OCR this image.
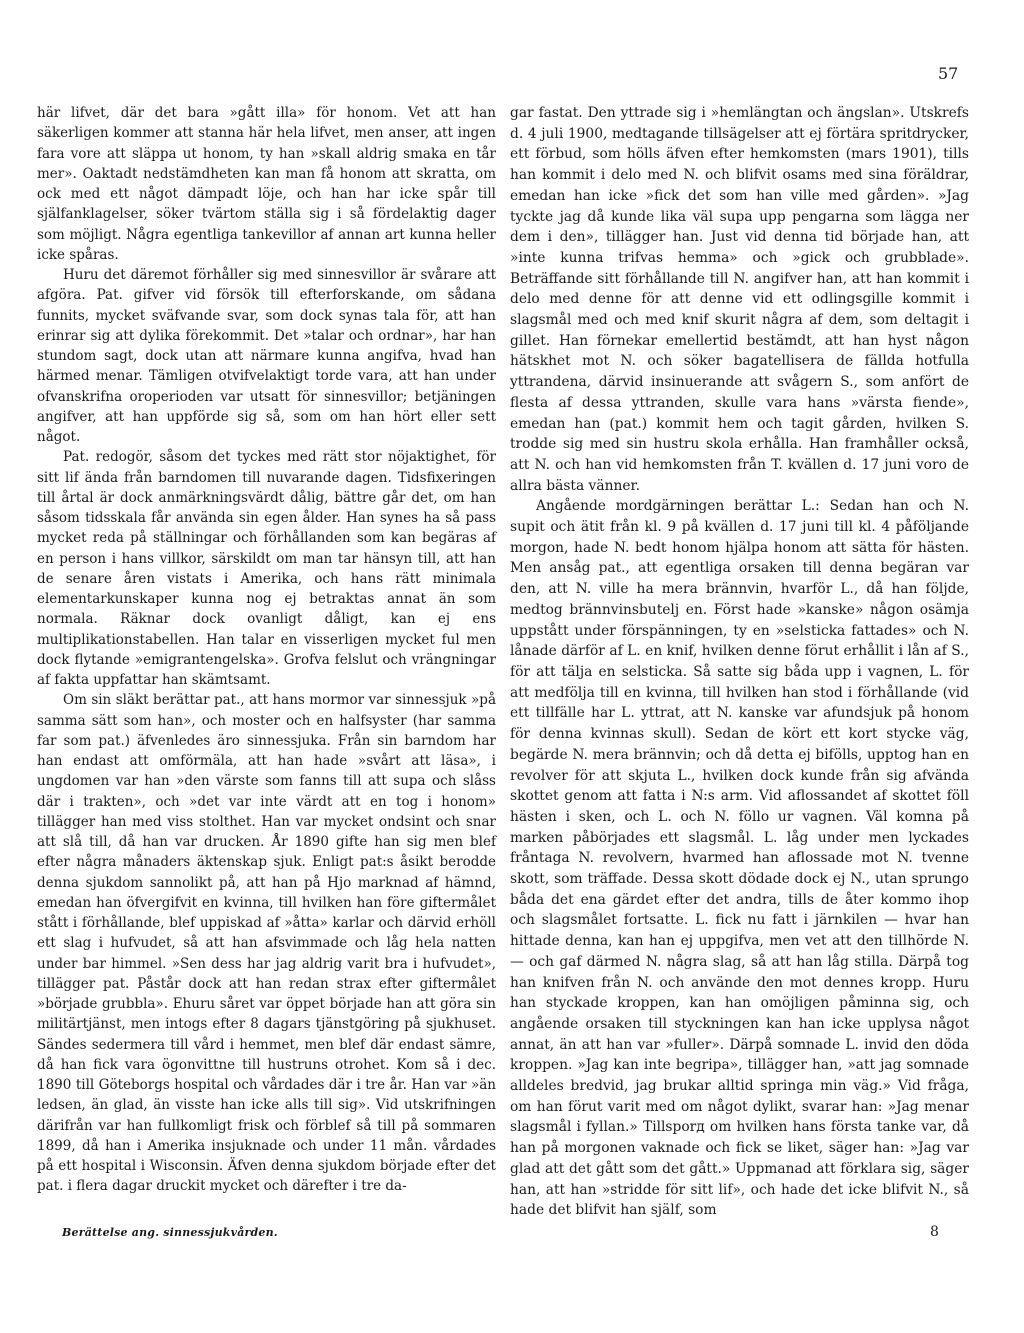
57

här lifvet, där det bara »gått illa» för honom. Vet att han säkerligen kommer att stanna här hela lifvet, men anser, att ingen fara vore att släppa ut honom, ty han »skall aldrig smaka en tår mer». Oaktadt nedstämdheten kan man få honom att skratta, om ock med ett något dämpadt löje, och han har icke spår till själfanklagelser, söker tvärtom ställa sig i så fördelaktig dager som möjligt. Några egentliga tankevillor af annan art kunna heller icke spåras.

Huru det däremot förhåller sig med sinnesvillor är svårare att afgöra. Pat. gifver vid försök till efterforskande, om sådana funnits, mycket sväfvande svar, som dock synas tala för, att han erinrar sig att dylika förekommit. Det »talar och ordnar», har han stundom sagt, dock utan att närmare kunna angifva, hvad han härmed menar. Tämligen otvifvelaktigt torde vara, att han under ofvanskrifna oroperioden var utsatt för sinnesvillor; betjäningen angifver, att han uppförde sig så, som om han hört eller sett något.

Pat. redogör, såsom det tyckes med rätt stor nöjaktighet, för sitt lif ända från barndomen till nuvarande dagen. Tidsfixeringen till årtal är dock anmärkningsvärdt dålig, bättre går det, om han såsom tidsskala får använda sin egen ålder. Han synes ha så pass mycket reda på ställningar och förhållanden som kan begäras af en person i hans villkor, särskildt om man tar hänsyn till, att han de senare åren vistats i Amerika, och hans rätt minimala elementarkunskaper kunna nog ej betraktas annat än som normala. Räknar dock ovanligt dåligt, kan ej ens multiplikationstabellen. Han talar en visserligen mycket ful men dock flytande »emigrantengelska». Grofva felslut och vrängningar af fakta uppfattar han skämtsamt.

Om sin släkt berättar pat., att hans mormor var sinnessjuk »på samma sätt som han», och moster och en halfsyster (har samma far som pat.) äfvenledes äro sinnessjuka. Från sin barndom har han endast att omförmäla, att han hade »svårt att läsa», i ungdomen var han »den värste som fanns till att supa och slåss där i trakten», och »det var inte värdt att en tog i honom» tillägger han med viss stolthet. Han var mycket ondsint och snar att slå till, då han var drucken. År 1890 gifte han sig men blef efter några månaders äktenskap sjuk. Enligt pat:s åsikt berodde denna sjukdom sannolikt på, att han på Hjo marknad af hämnd, emedan han öfvergifvit en kvinna, till hvilken han före giftermålet stått i förhållande, blef uppiskad af »åtta» karlar och därvid erhöll ett slag i hufvudet, så att han afsvimmade och låg hela natten under bar himmel. »Sen dess har jag aldrig varit bra i hufvudet», tillägger pat. Påstår dock att han redan strax efter giftermålet »började grubbla». Ehuru såret var öppet började han att göra sin militärtjänst, men intogs efter 8 dagars tjänstgöring på sjukhuset. Sändes sedermera till vård i hemmet, men blef där endast sämre, då han fick vara ögonvittne till hustruns otrohet. Kom så i dec. 1890 till Göteborgs hospital och vårdades där i tre år. Han var »än ledsen, än glad, än visste han icke alls till sig». Vid utskrifningen därifrån var han fullkomligt frisk och förblef så till på sommaren 1899, då han i Amerika insjuknade och under 11 mån. vårdades på ett hospital i Wisconsin. Äfven denna sjukdom började efter det pat. i flera dagar druckit mycket och därefter i tre da-

gar fastat. Den yttrade sig i »hemlängtan och ängslan». Utskrefs d. 4 juli 1900, medtagande tillsägelser att ej förtära spritdrycker, ett förbud, som hölls äfven efter hemkomsten (mars 1901), tills han kommit i delo med N. och blifvit osams med sina föräldrar, emedan han icke »fick det som han ville med gården». »Jag tyckte jag då kunde lika väl supa upp pengarna som lägga ner dem i den», tillägger han. Just vid denna tid började han, att »inte kunna trifvas hemma» och »gick och grubblade». Beträffande sitt förhållande till N. angifver han, att han kommit i delo med denne för att denne vid ett odlingsgille kommit i slagsmål med och med knif skurit några af dem, som deltagit i gillet. Han förnekar emellertid bestämdt, att han hyst någon hätskhet mot N. och söker bagatellisera de fällda hotfulla yttrandena, därvid insinuerande att svågern S., som anfört de flesta af dessa yttranden, skulle vara hans »värsta fiende», emedan han (pat.) kommit hem och tagit gården, hvilken S. trodde sig med sin hustru skola erhålla. Han framhåller också, att N. och han vid hemkomsten från T. kvällen d. 17 juni voro de allra bästa vänner.

Angående mordgärningen berättar L.: Sedan han och N. supit och ätit från kl. 9 på kvällen d. 17 juni till kl. 4 påföljande morgon, hade N. bedt honom hjälpa honom att sätta för hästen. Men ansåg pat., att egentliga orsaken till denna begäran var den, att N. ville ha mera brännvin, hvarför L., då han följde, medtog brännvinsbutelj en. Först hade »kanske» någon osämja uppstått under förspänningen, ty en »selsticka fattades» och N. lånade därför af L. en knif, hvilken denne förut erhållit i lån af S., för att tälja en selsticka. Så satte sig båda upp i vagnen, L. för att medfölja till en kvinna, till hvilken han stod i förhållande (vid ett tillfälle har L. yttrat, att N. kanske var afundsjuk på honom för denna kvinnas skull). Sedan de kört ett kort stycke väg, begärde N. mera brännvin; och då detta ej bifölls, upptog han en revolver för att skjuta L., hvilken dock kunde från sig afvända skottet genom att fatta i N:s arm. Vid aflossandet af skottet föll hästen i sken, och L. och N. föllo ur vagnen. Väl komna på marken påbörjades ett slagsmål. L. låg under men lyckades fråntaga N. revolvern, hvarmed han aflossade mot N. tvenne skott, som träffade. Dessa skott dödade dock ej N., utan sprungo båda det ena gärdet efter det andra, tills de åter kommo ihop och slagsmålet fortsatte. L. fick nu fatt i järnkilen — hvar han hittade denna, kan han ej uppgifva, men vet att den tillhörde N. — och gaf därmed N. några slag, så att han låg stilla. Därpå tog han knifven från N. och använde den mot dennes kropp. Huru han styckade kroppen, kan han omöjligen påminna sig, och angående orsaken till styckningen kan han icke upplysa något annat, än att han var »fuller». Därpå somnade L. invid den döda kroppen. »Jag kan inte begripa», tillägger han, »att jag somnade alldeles bredvid, jag brukar alltid springa min väg.» Vid fråga, om han förut varit med om något dylikt, svarar han: »Jag menar slagsmål i fyllan.» Tillsporд om hvilken hans första tanke var, då han på morgonen vaknade och fick se liket, säger han: »Jag var glad att det gått som det gått.» Uppmanad att förklara sig, säger han, att han »stridde för sitt lif», och hade det icke blifvit N., så hade det blifvit han själf, som

Berättelse ang. sinnessjukvården.	8
